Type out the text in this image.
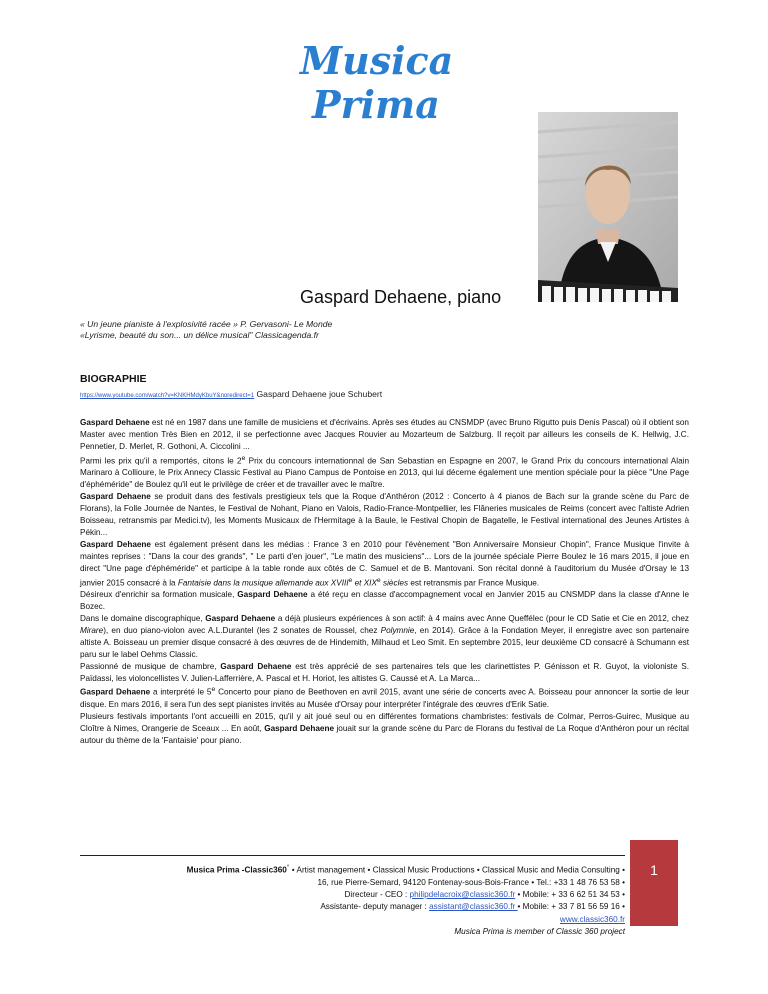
Musica
Prima
Gaspard Dehaene, piano
« Un jeune pianiste à l'explosivité racée » P. Gervasoni- Le Monde
«Lyrisme, beauté du son... un délice musical" Classicagenda.fr
BIOGRAPHIE
https://www.youtube.com/watch?v=KNKHMdyKbuY&noredirect=1 Gaspard Dehaene joue Schubert

Gaspard Dehaene est né en 1987 dans une famille de musiciens et d'écrivains. Après ses études au CNSMDP (avec Bruno Rigutto puis Denis Pascal) où il obtient son Master avec mention Très Bien en 2012, il se perfectionne avec Jacques Rouvier au Mozarteum de Salzburg. Il reçoit par ailleurs les conseils de K. Hellwig, J.C. Pennetier, D. Merlet, R. Gothoni, A. Ciccolini ...

Parmi les prix qu'il a remportés, citons le 2e Prix du concours internationnal de San Sebastian en Espagne en 2007, le Grand Prix du concours international Alain Marinaro à Collioure, le Prix Annecy Classic Festival au Piano Campus de Pontoise en 2013, qui lui décerne également une mention spéciale pour la pièce "Une Page d'éphéméride" de Boulez qu'il eut le privilège de créer et de travailler avec le maître.

Gaspard Dehaene se produit dans des festivals prestigieux tels que la Roque d'Anthéron (2012 : Concerto à 4 pianos de Bach sur la grande scène du Parc de Florans), la Folle Journée de Nantes, le Festival de Nohant, Piano en Valois, Radio-France-Montpellier, les Flâneries musicales de Reims (concert avec l'altiste Adrien Boisseau, retransmis par Medici.tv), les Moments Musicaux de l'Hermitage à la Baule, le Festival Chopin de Bagatelle, le Festival international des Jeunes Artistes à Pékin...

Gaspard Dehaene est également présent dans les médias : France 3 en 2010 pour l'évènement "Bon Anniversaire Monsieur Chopin", France Musique l'invite à maintes reprises : "Dans la cour des grands", " Le parti d'en jouer", "Le matin des musiciens"... Lors de la journée spéciale Pierre Boulez le 16 mars 2015, il joue en direct "Une page d'éphéméride" et participe à la table ronde aux côtés de C. Samuel et de B. Mantovani. Son récital donné à l'auditorium du Musée d'Orsay le 13 janvier 2015 consacré à la Fantaisie dans la musique allemande aux XVIIIe et XIXe siècles est retransmis par France Musique.

Désireux d'enrichir sa formation musicale, Gaspard Dehaene a été reçu en classe d'accompagnement vocal en Janvier 2015 au CNSMDP dans la classe d'Anne le Bozec.

Dans le domaine discographique, Gaspard Dehaene a déjà plusieurs expériences à son actif: à 4 mains avec Anne Queffélec (pour le CD Satie et Cie en 2012, chez Mirare), en duo piano-violon avec A.L.Durantel (les 2 sonates de Roussel, chez Polymnie, en 2014). Grâce à la Fondation Meyer, il enregistre avec son partenaire altiste A. Boisseau un premier disque consacré à des œuvres de de Hindemith, Milhaud et Leo Smit. En septembre 2015, leur deuxième CD consacré à Schumann est paru sur le label Oehms Classic.

Passionné de musique de chambre, Gaspard Dehaene est très apprécié de ses partenaires tels que les clarinettistes P. Génisson et R. Guyot, la violoniste S. Païdassi, les violoncellistes V. Julien-Lafferrière, A. Pascal et H. Horiot, les altistes G. Caussé et A. La Marca...

Gaspard Dehaene a interprété le 5e Concerto pour piano de Beethoven en avril 2015, avant une série de concerts avec A. Boisseau pour annoncer la sortie de leur disque. En mars 2016, il sera l'un des sept pianistes invités au Musée d'Orsay pour interpréter l'intégrale des œuvres d'Erik Satie.

Plusieurs festivals importants l'ont accueilli en 2015, qu'il y ait joué seul ou en différentes formations chambristes: festivals de Colmar, Perros-Guirec, Musique au Cloître à Nimes, Orangerie de Sceaux ... En août, Gaspard Dehaene jouait sur la grande scène du Parc de Florans du festival de La Roque d'Anthéron pour un récital autour du thème de la 'Fantaisie' pour piano.

Musica Prima -Classic360° • Artist management • Classical Music Productions • Classical Music and Media Consulting •
16, rue Pierre-Semard, 94120 Fontenay-sous-Bois-France • Tel.: +33 1 48 76 53 58 •
Directeur - CEO : philipdelacroix@classic360.fr • Mobile: + 33 6 62 51 34 53 •
Assistante- deputy manager : assistant@classic360.fr • Mobile: + 33 7 81 56 59 16 •
www.classic360.fr
Musica Prima is member of Classic 360 project
1
